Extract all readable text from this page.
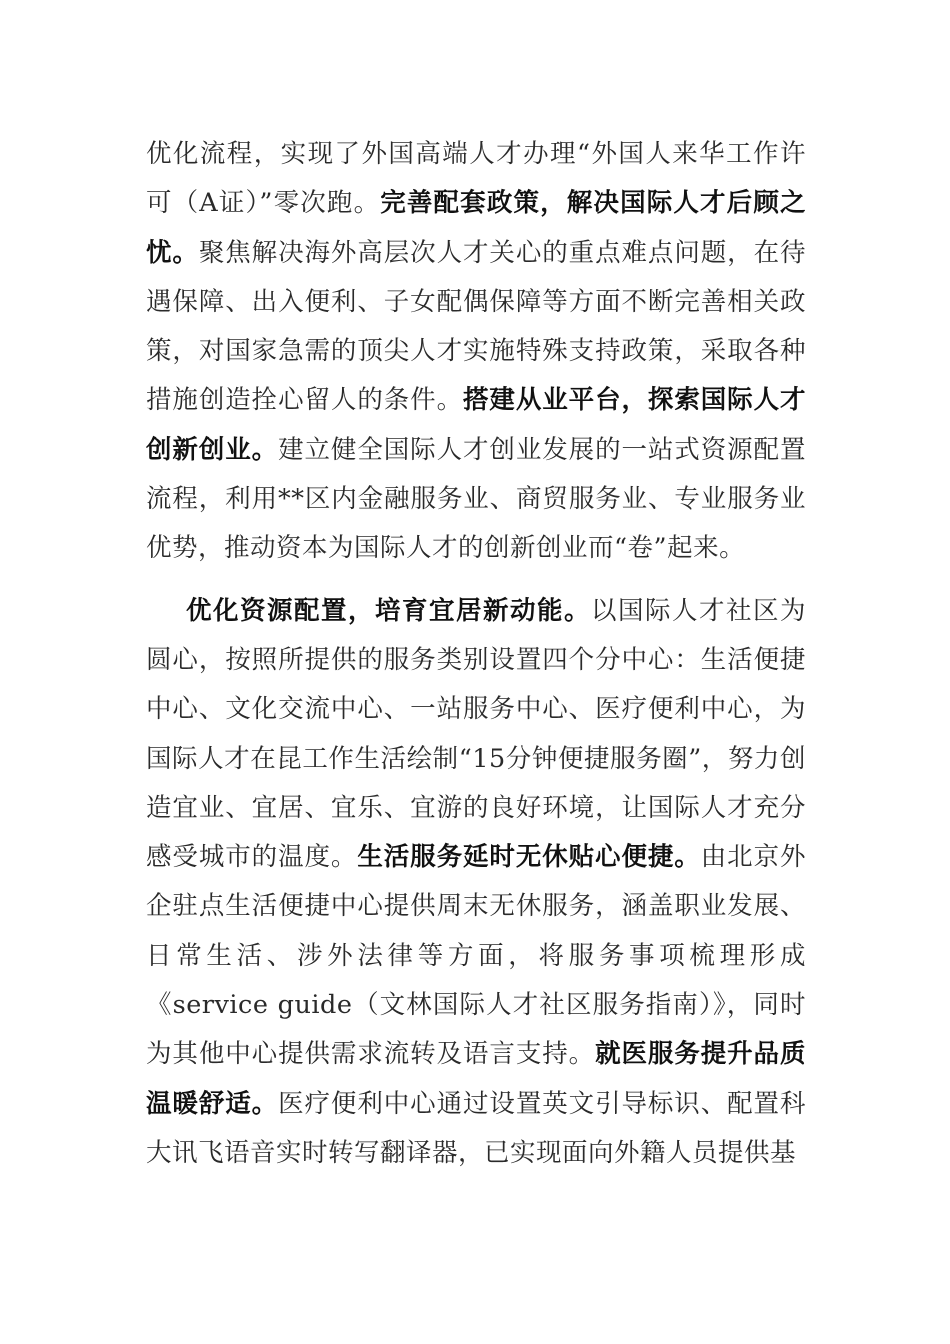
优化流程，实现了外国高端人才办理“外国人来华工作许可（A证）”零次跑。完善配套政策，解决国际人才后顾之忧。聚焦解决海外高层次人才关心的重点难点问题，在待遇保障、出入便利、子女配偶保障等方面不断完善相关政策，对国家急需的顶尖人才实施特殊支持政策，采取各种措施创造拴心留人的条件。搭建从业平台，探索国际人才创新创业。建立健全国际人才创业发展的一站式资源配置流程，利用**区内金融服务业、商贸服务业、专业服务业优势，推动资本为国际人才的创新创业而“卷”起来。

优化资源配置，培育宜居新动能。以国际人才社区为圆心，按照所提供的服务类别设置四个分中心：生活便捷中心、文化交流中心、一站服务中心、医疗便利中心，为国际人才在昆工作生活绘制“15分钟便捷服务圈”，努力创造宜业、宜居、宜乐、宜游的良好环境，让国际人才充分感受城市的温度。生活服务延时无休贴心便捷。由北京外企驻点生活便捷中心提供周末无休服务，涵盖职业发展、日常生活、涉外法律等方面，将服务事项梳理形成《service guide（文林国际人才社区服务指南）》，同时为其他中心提供需求流转及语言支持。就医服务提升品质温暖舒适。医疗便利中心通过设置英文引导标识、配置科大讯飞语音实时转写翻译器，已实现面向外籍人员提供基
